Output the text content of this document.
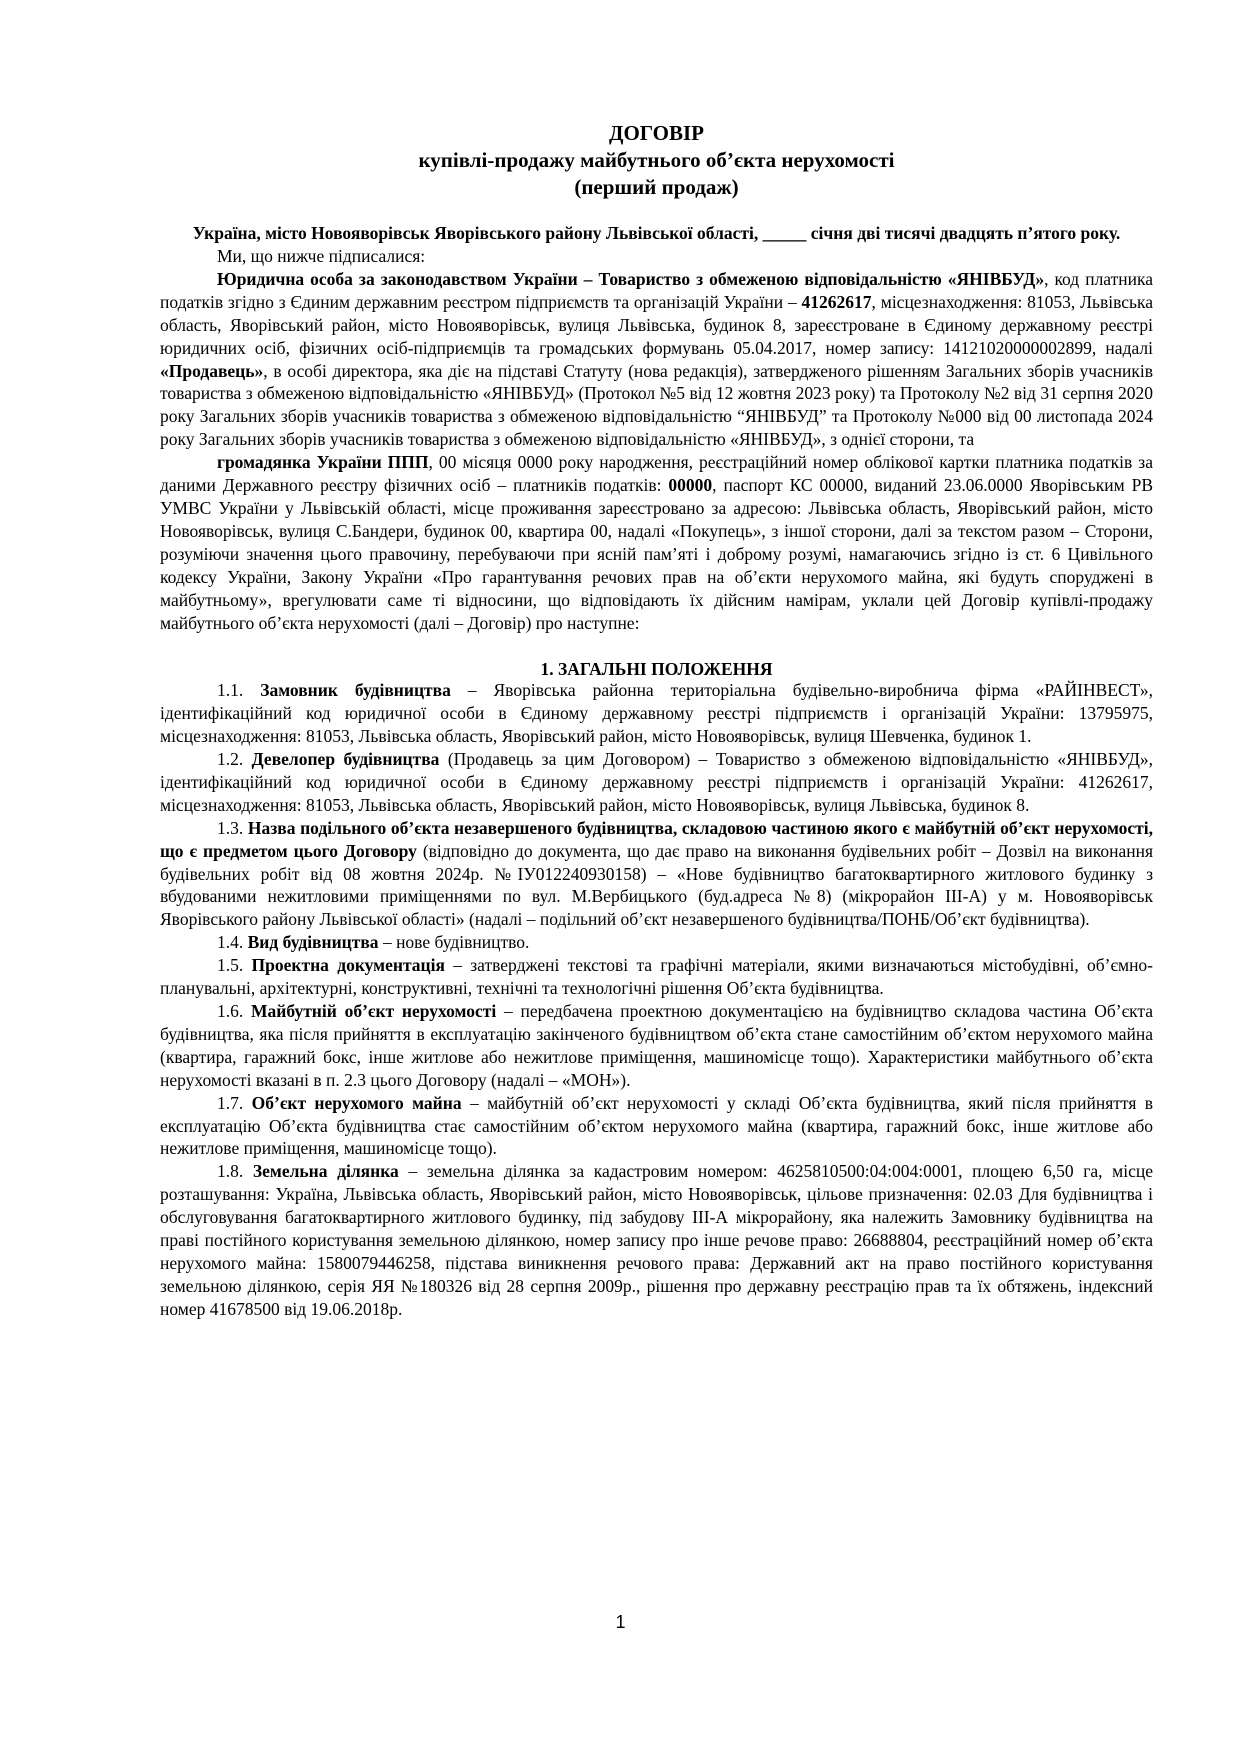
ДОГОВІР
купівлі-продажу майбутнього об’єкта нерухомості
(перший продаж)
Україна, місто Новояворівськ Яворівського району Львівської області, _____ січня дві тисячі двадцять п’ятого року.

Ми, що нижче підписалися:

Юридична особа за законодавством України – Товариство з обмеженою відповідальністю «ЯНІВБУД», код платника податків згідно з Єдиним державним реєстром підприємств та організацій України – 41262617, місцезнаходження: 81053, Львівська область, Яворівський район, місто Новояворівськ, вулиця Львівська, будинок 8, зареєстроване в Єдиному державному реєстрі юридичних осіб, фізичних осіб-підприємців та громадських формувань 05.04.2017, номер запису: 14121020000002899, надалі «Продавець», в особі директора, яка діє на підставі Статуту (нова редакція), затвердженого рішенням Загальних зборів учасників товариства з обмеженою відповідальністю «ЯНІВБУД» (Протокол №5 від 12 жовтня 2023 року) та Протоколу №2 від 31 серпня 2020 року Загальних зборів учасників товариства з обмеженою відповідальністю “ЯНІВБУД” та Протоколу №000 від 00 листопада 2024 року Загальних зборів учасників товариства з обмеженою відповідальністю «ЯНІВБУД», з однієї сторони, та

громадянка України ППП, 00 місяця 0000 року народження, реєстраційний номер облікової картки платника податків за даними Державного реєстру фізичних осіб – платників податків: 00000, паспорт КС 00000, виданий 23.06.0000 Яворівським РВ УМВС України у Львівській області, місце проживання зареєстровано за адресою: Львівська область, Яворівський район, місто Новояворівськ, вулиця С.Бандери, будинок 00, квартира 00, надалі «Покупець», з іншої сторони, далі за текстом разом – Сторони, розуміючи значення цього правочину, перебуваючи при ясній пам’яті і доброму розумі, намагаючись згідно із ст. 6 Цивільного кодексу України, Закону України «Про гарантування речових прав на об’єкти нерухомого майна, які будуть споруджені в майбутньому», врегулювати саме ті відносини, що відповідають їх дійсним намірам, уклали цей Договір купівлі-продажу майбутнього об’єкта нерухомості (далі – Договір) про наступне:

1. ЗАГАЛЬНІ ПОЛОЖЕННЯ

1.1. Замовник будівництва – Яворівська районна територіальна будівельно-виробнича фірма «РАЙІНВЕСТ», ідентифікаційний код юридичної особи в Єдиному державному реєстрі підприємств і організацій України: 13795975, місцезнаходження: 81053, Львівська область, Яворівський район, місто Новояворівськ, вулиця Шевченка, будинок 1.

1.2. Девелопер будівництва (Продавець за цим Договором) – Товариство з обмеженою відповідальністю «ЯНІВБУД», ідентифікаційний код юридичної особи в Єдиному державному реєстрі підприємств і організацій України: 41262617, місцезнаходження: 81053, Львівська область, Яворівський район, місто Новояворівськ, вулиця Львівська, будинок 8.

1.3. Назва подільного об’єкта незавершеного будівництва, складовою частиною якого є майбутній об’єкт нерухомості, що є предметом цього Договору (відповідно до документа, що дає право на виконання будівельних робіт – Дозвіл на виконання будівельних робіт від 08 жовтня 2024р. №ІУ012240930158) – «Нове будівництво багатоквартирного житлового будинку з вбудованими нежитловими приміщеннями по вул. М.Вербицького (буд.адреса №8) (мікрорайон ІІІ-А) у м. Новояворівськ Яворівського району Львівської області» (надалі – подільний об’єкт незавершеного будівництва/ПОНБ/Об’єкт будівництва).

1.4. Вид будівництва – нове будівництво.

1.5. Проектна документація – затверджені текстові та графічні матеріали, якими визначаються містобудівні, об’ємно-планувальні, архітектурні, конструктивні, технічні та технологічні рішення Об’єкта будівництва.

1.6. Майбутній об’єкт нерухомості – передбачена проектною документацією на будівництво складова частина Об’єкта будівництва, яка після прийняття в експлуатацію закінченого будівництвом об’єкта стане самостійним об’єктом нерухомого майна (квартира, гаражний бокс, інше житлове або нежитлове приміщення, машиномісце тощо). Характеристики майбутнього об’єкта нерухомості вказані в п. 2.3 цього Договору (надалі – «МОН»).

1.7. Об’єкт нерухомого майна – майбутній об’єкт нерухомості у складі Об’єкта будівництва, який після прийняття в експлуатацію Об’єкта будівництва стає самостійним об’єктом нерухомого майна (квартира, гаражний бокс, інше житлове або нежитлове приміщення, машиномісце тощо).

1.8. Земельна ділянка – земельна ділянка за кадастровим номером: 4625810500:04:004:0001, площею 6,50 га, місце розташування: Україна, Львівська область, Яворівський район, місто Новояворівськ, цільове призначення: 02.03 Для будівництва і обслуговування багатоквартирного житлового будинку, під забудову ІІІ-А мікрорайону, яка належить Замовнику будівництва на праві постійного користування земельною ділянкою, номер запису про інше речове право: 26688804, реєстраційний номер об’єкта нерухомого майна: 1580079446258, підстава виникнення речового права: Державний акт на право постійного користування земельною ділянкою, серія ЯЯ №180326 від 28 серпня 2009р., рішення про державну реєстрацію прав та їх обтяжень, індексний номер 41678500 від 19.06.2018р.

1
